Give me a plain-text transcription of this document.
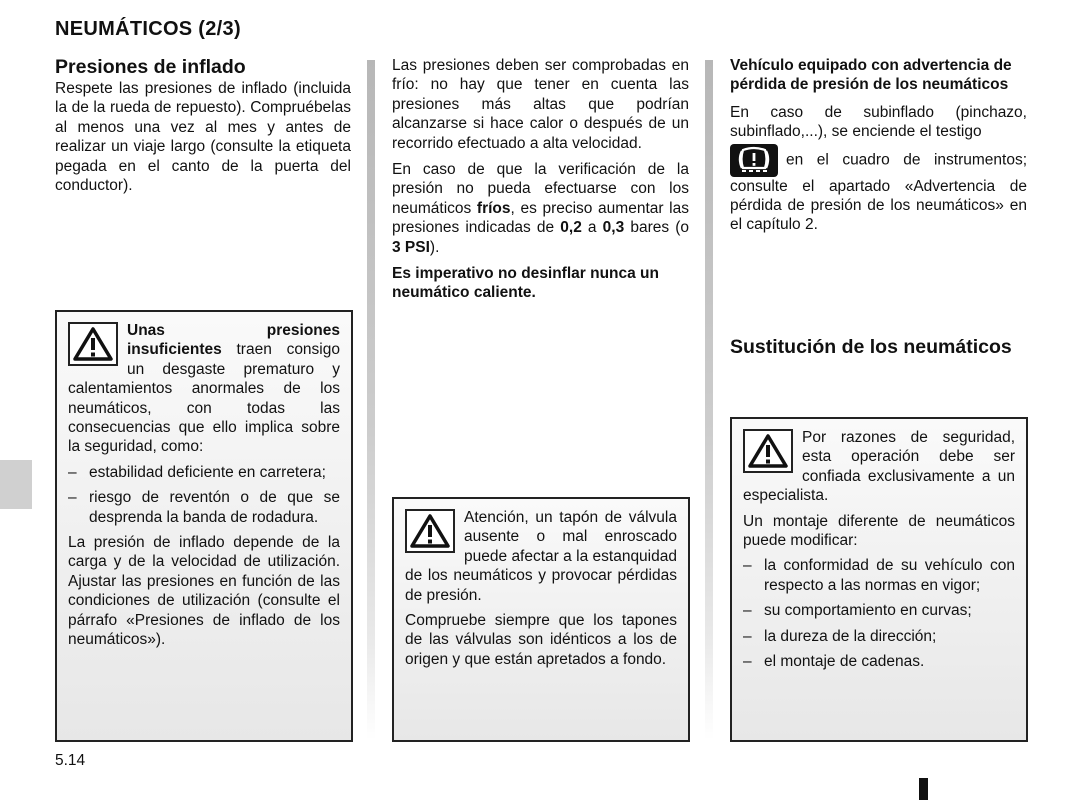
NEUMÁTICOS (2/3)
Presiones de inflado

Respete las presiones de inflado (incluida la de la rueda de repuesto). Compruébelas al menos una vez al mes y antes de realizar un viaje largo (consulte la etiqueta pegada en el canto de la puerta del conductor).

Unas presiones insuficientes traen consigo un desgaste prematuro y calentamientos anormales de los neumáticos, con todas las consecuencias que ello implica sobre la seguridad, como:

– estabilidad deficiente en carretera;
– riesgo de reventón o de que se desprenda la banda de rodadura.

La presión de inflado depende de la carga y de la velocidad de utilización. Ajustar las presiones en función de las condiciones de utilización (consulte el párrafo «Presiones de inflado de los neumáticos»).

Las presiones deben ser comprobadas en frío: no hay que tener en cuenta las presiones más altas que podrían alcanzarse si hace calor o después de un recorrido efectuado a alta velocidad.

En caso de que la verificación de la presión no pueda efectuarse con los neumáticos fríos, es preciso aumentar las presiones indicadas de 0,2 a 0,3 bares (o 3 PSI).

Es imperativo no desinflar nunca un neumático caliente.

Atención, un tapón de válvula ausente o mal enroscado puede afectar a la estanquidad de los neumáticos y provocar pérdidas de presión.

Compruebe siempre que los tapones de las válvulas son idénticos a los de origen y que están apretados a fondo.

Vehículo equipado con advertencia de pérdida de presión de los neumáticos

En caso de subinflado (pinchazo, subinflado,...), se enciende el testigo

en el cuadro de instrumentos; consulte el apartado «Advertencia de pérdida de presión de los neumáticos» en el capítulo 2.

Sustitución de los neumáticos

Por razones de seguridad, esta operación debe ser confiada exclusivamente a un especialista.

Un montaje diferente de neumáticos puede modificar:

– la conformidad de su vehículo con respecto a las normas en vigor;
– su comportamiento en curvas;
– la dureza de la dirección;
– el montaje de cadenas.
5.14
